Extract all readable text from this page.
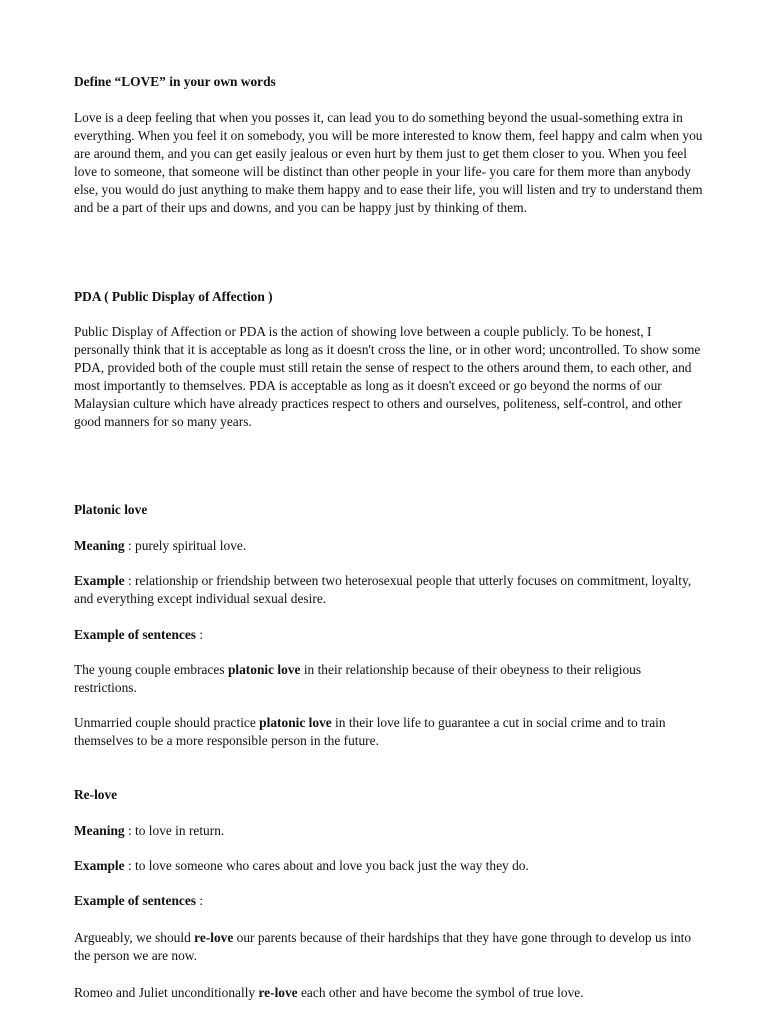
Define “LOVE” in your own words

Love is a deep feeling that when you posses it, can lead you to do something beyond the usual-something extra in everything. When you feel it on somebody, you will be more interested to know them, feel happy and calm when you are around them, and you can get easily jealous or even hurt by them just to get them closer to you. When you feel love to someone, that someone will be distinct than other people in your life- you care for them more than anybody else, you would do just anything to make them happy and to ease their life, you will listen and try to understand them and be a part of their ups and downs, and you can be happy just by thinking of them.

PDA ( Public Display of Affection )

Public Display of Affection or PDA is the action of showing love between a couple publicly. To be honest, I personally think that it is acceptable as long as it doesn't cross the line, or in other word; uncontrolled. To show some PDA, provided both of the couple must still retain the sense of respect to the others around them, to each other, and most importantly to themselves. PDA is acceptable as long as it doesn't exceed or go beyond the norms of our Malaysian culture which have already practices respect to others and ourselves, politeness, self-control, and other good manners for so many years.

Platonic love

Meaning : purely spiritual love.

Example : relationship or friendship between two heterosexual people that utterly focuses on commitment, loyalty, and everything except individual sexual desire.

Example of sentences :

The young couple embraces platonic love in their relationship because of their obeyness to their religious restrictions.

Unmarried couple should practice platonic love in their love life to guarantee a cut in social crime and to train themselves to be a more responsible person in the future.

Re-love

Meaning : to love in return.

Example : to love someone who cares about and love you back just the way they do.

Example of sentences :

Argueably, we should re-love our parents because of their hardships that they have gone through to develop us into the person we are now.

Romeo and Juliet unconditionally re-love each other and have become the symbol of true love.
